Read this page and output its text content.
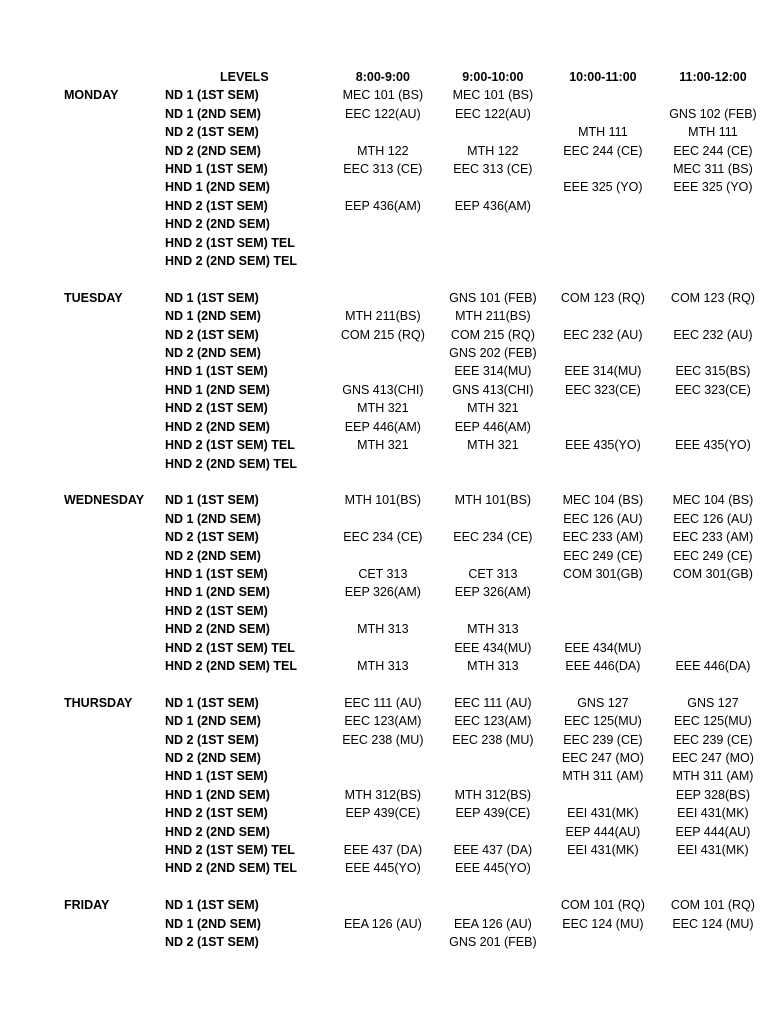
	LEVELS	8:00-9:00	9:00-10:00	10:00-11:00	11:00-12:00
MONDAY	ND 1 (1ST SEM)	MEC 101 (BS)	MEC 101 (BS)		
	ND 1 (2ND SEM)	EEC 122(AU)	EEC 122(AU)		GNS 102 (FEB)
	ND 2 (1ST SEM)			MTH 111	MTH 111
	ND 2 (2ND SEM)	MTH 122	MTH 122	EEC 244 (CE)	EEC 244 (CE)
	HND 1 (1ST SEM)	EEC 313 (CE)	EEC 313 (CE)		MEC 311 (BS)
	HND 1 (2ND SEM)			EEE 325 (YO)	EEE 325 (YO)
	HND 2 (1ST SEM)	EEP 436(AM)	EEP 436(AM)		
	HND 2 (2ND SEM)				
	HND 2 (1ST SEM) TEL				
	HND 2 (2ND SEM) TEL				

TUESDAY	ND 1 (1ST SEM)		GNS 101 (FEB)	COM 123 (RQ)	COM 123 (RQ)
	ND 1 (2ND SEM)	MTH 211(BS)	MTH 211(BS)		
	ND 2 (1ST SEM)	COM 215 (RQ)	COM 215 (RQ)	EEC 232 (AU)	EEC 232 (AU)
	ND 2 (2ND SEM)		GNS 202 (FEB)		
	HND 1 (1ST SEM)		EEE 314(MU)	EEE 314(MU)	EEC 315(BS)
	HND 1 (2ND SEM)	GNS 413(CHI)	GNS 413(CHI)	EEC 323(CE)	EEC 323(CE)
	HND 2 (1ST SEM)	MTH 321	MTH 321		
	HND 2 (2ND SEM)	EEP 446(AM)	EEP 446(AM)		
	HND 2 (1ST SEM) TEL	MTH 321	MTH 321	EEE 435(YO)	EEE 435(YO)
	HND 2 (2ND SEM) TEL				

WEDNESDAY	ND 1 (1ST SEM)	MTH 101(BS)	MTH 101(BS)	MEC 104 (BS)	MEC 104 (BS)
	ND 1 (2ND SEM)			EEC 126 (AU)	EEC 126 (AU)
	ND 2 (1ST SEM)	EEC 234 (CE)	EEC 234 (CE)	EEC 233 (AM)	EEC 233 (AM)
	ND 2 (2ND SEM)			EEC 249 (CE)	EEC 249 (CE)
	HND 1 (1ST SEM)	CET 313	CET 313	COM 301(GB)	COM 301(GB)
	HND 1 (2ND SEM)	EEP 326(AM)	EEP 326(AM)		
	HND 2 (1ST SEM)				
	HND 2 (2ND SEM)	MTH 313	MTH 313		
	HND 2 (1ST SEM) TEL		EEE 434(MU)	EEE 434(MU)	
	HND 2 (2ND SEM) TEL	MTH 313	MTH 313	EEE 446(DA)	EEE 446(DA)

THURSDAY	ND 1 (1ST SEM)	EEC 111 (AU)	EEC 111 (AU)	GNS 127	GNS 127
	ND 1 (2ND SEM)	EEC 123(AM)	EEC 123(AM)	EEC 125(MU)	EEC 125(MU)
	ND 2 (1ST SEM)	EEC 238 (MU)	EEC 238 (MU)	EEC 239 (CE)	EEC 239 (CE)
	ND 2 (2ND SEM)			EEC 247 (MO)	EEC 247 (MO)
	HND 1 (1ST SEM)			MTH 311 (AM)	MTH 311 (AM)
	HND 1 (2ND SEM)	MTH 312(BS)	MTH 312(BS)		EEP 328(BS)
	HND 2 (1ST SEM)	EEP 439(CE)	EEP 439(CE)	EEI 431(MK)	EEI 431(MK)
	HND 2 (2ND SEM)			EEP 444(AU)	EEP 444(AU)
	HND 2 (1ST SEM) TEL	EEE 437 (DA)	EEE 437 (DA)	EEI 431(MK)	EEI 431(MK)
	HND 2 (2ND SEM) TEL	EEE 445(YO)	EEE 445(YO)		

FRIDAY	ND 1 (1ST SEM)			COM 101 (RQ)	COM 101 (RQ)
	ND 1 (2ND SEM)	EEA 126 (AU)	EEA 126 (AU)	EEC 124 (MU)	EEC 124 (MU)
	ND 2 (1ST SEM)		GNS 201 (FEB)		
